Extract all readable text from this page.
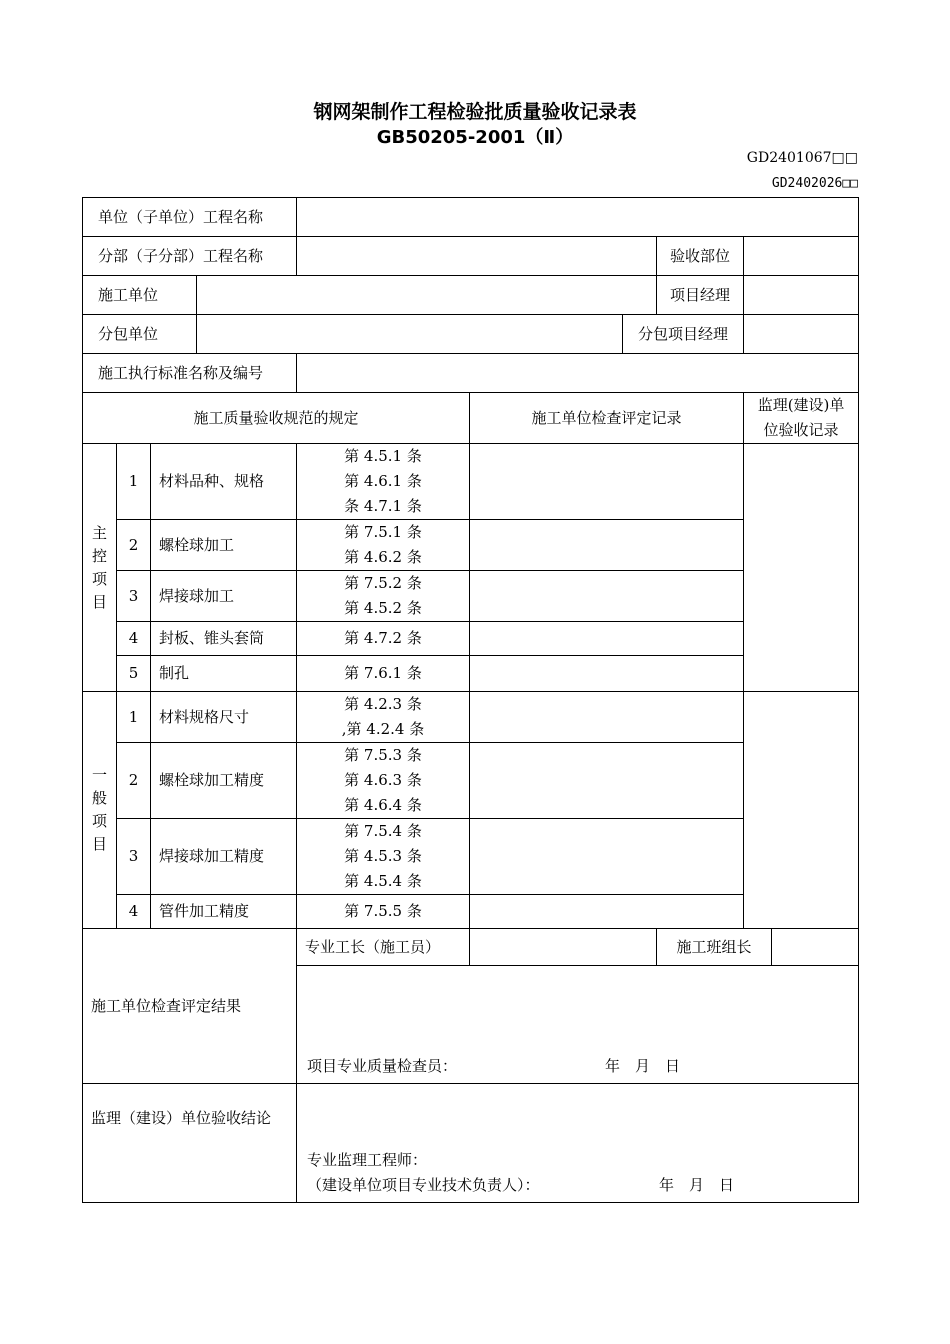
钢网架制作工程检验批质量验收记录表
GB50205-2001（Ⅱ）
GD2401067□□
GD2402026□□
单位（子单位）工程名称									
分部（子分部）工程名称							验收部位		
施工单位							项目经理		
分包单位						分包项目经理			
施工执行标准名称及编号									
施工质量验收规范的规定					施工单位检查评定记录			监理(建设)单
位验收记录	

主
控
项
目	1	材料品种、规格		第 4.5.1 条
第 4.6.1 条
条 4.7.1 条					

	2	螺栓球加工		第 7.5.1 条
第 4.6.2 条					

	3	焊接球加工		第 7.5.2 条
第 4.5.2 条					

	4	封板、锥头套筒		第 4.7.2 条					
	5	制孔		第 7.6.1 条					

一
般
项
目	1	材料规格尺寸		第 4.2.3 条
,第 4.2.4 条					

	2	螺栓球加工精度		第 7.5.3 条
第 4.6.3 条
第 4.6.4 条					

	3	焊接球加工精度		第 7.5.4 条
第 4.5.3 条
第 4.5.4 条					

	4	管件加工精度		第 7.5.5 条					
施工单位检查评定结果				专业工长（施工员）			施工班组长		

				项目专业质量检查员： 年　月　日					

监理（建设）单位验收结论				专业监理工程师：
（建设单位项目专业技术负责人）： 年　月　日					
